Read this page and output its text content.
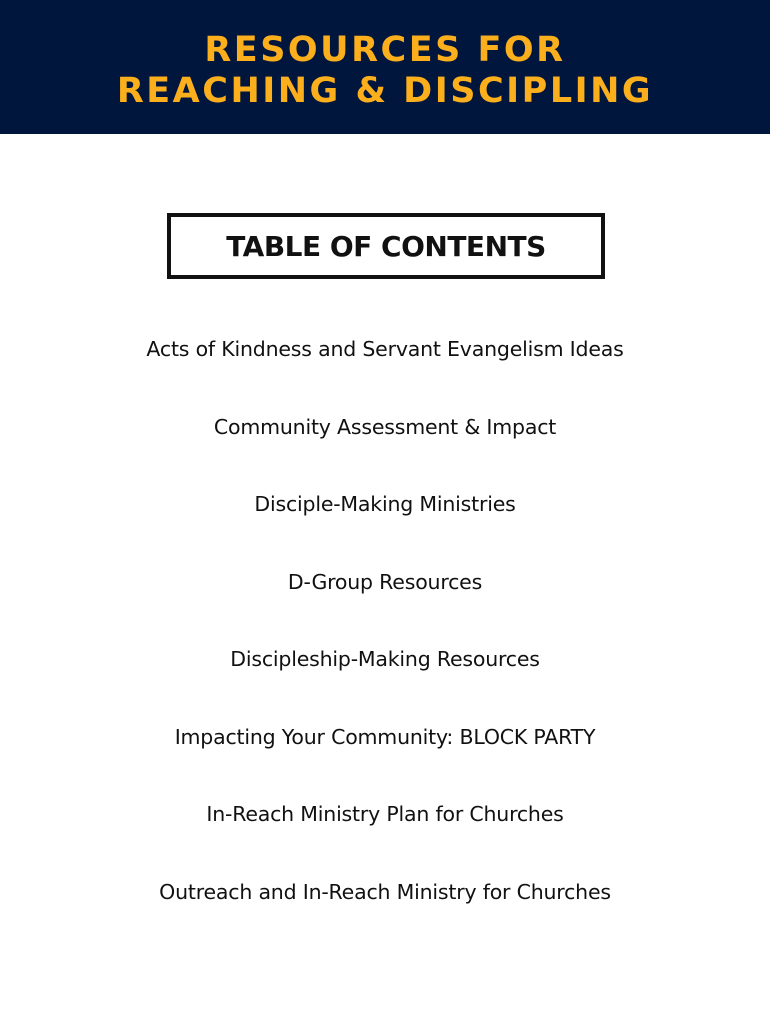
RESOURCES FOR
REACHING & DISCIPLING
TABLE OF CONTENTS
Acts of Kindness and Servant Evangelism Ideas
Community Assessment & Impact
Disciple-Making Ministries
D-Group Resources
Discipleship-Making Resources
Impacting Your Community: BLOCK PARTY
In-Reach Ministry Plan for Churches
Outreach and In-Reach Ministry for Churches
